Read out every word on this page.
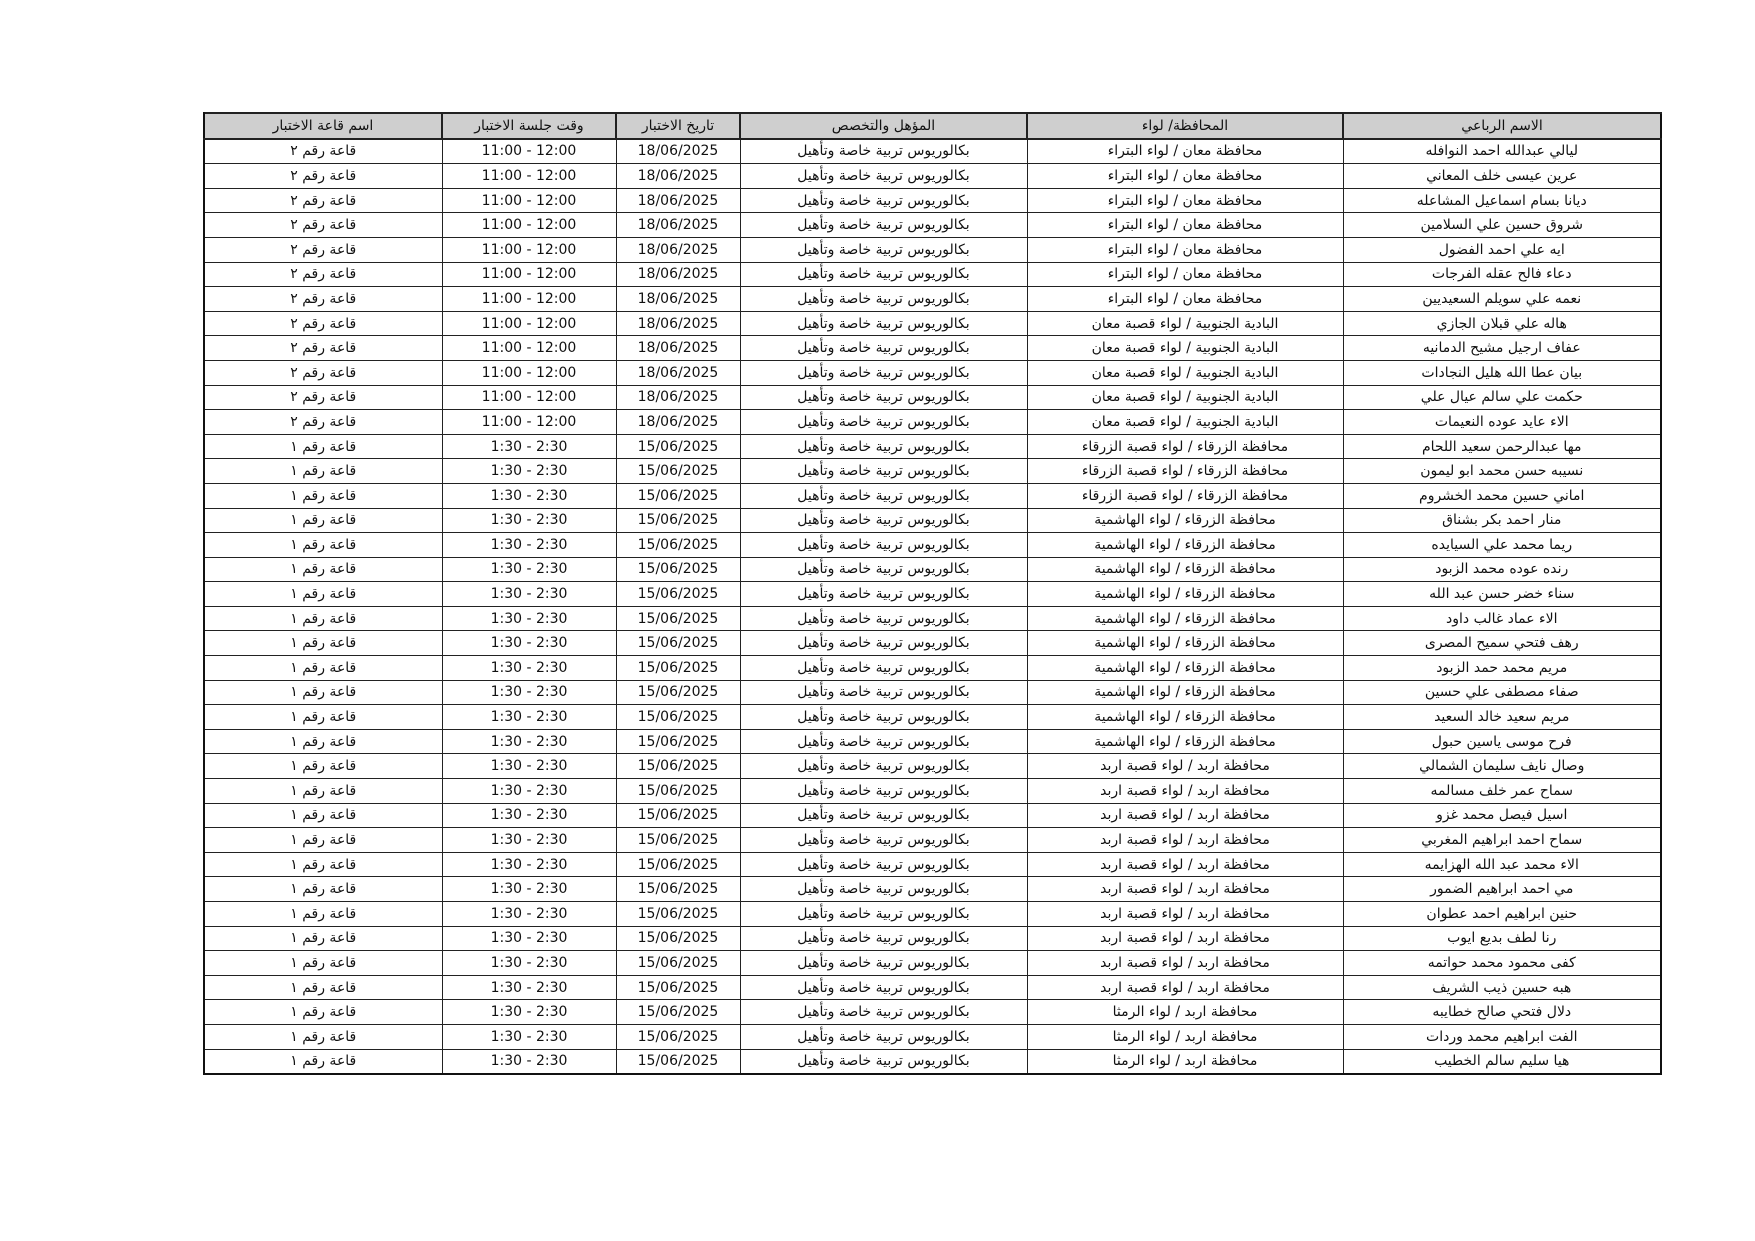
الاسم الرباعي	المحافظة/ لواء	المؤهل والتخصص	تاريخ الاختبار	وقت جلسة الاختبار	اسم قاعة الاختبار
ليالي عبدالله احمد النوافله	محافظة معان / لواء البتراء	بكالوريوس تربية خاصة وتأهيل	18/06/2025	11:00 - 12:00	قاعة رقم ٢
عرين عيسى خلف المعاني	محافظة معان / لواء البتراء	بكالوريوس تربية خاصة وتأهيل	18/06/2025	11:00 - 12:00	قاعة رقم ٢
ديانا بسام اسماعيل المشاعله	محافظة معان / لواء البتراء	بكالوريوس تربية خاصة وتأهيل	18/06/2025	11:00 - 12:00	قاعة رقم ٢
شروق حسين علي السلامين	محافظة معان / لواء البتراء	بكالوريوس تربية خاصة وتأهيل	18/06/2025	11:00 - 12:00	قاعة رقم ٢
ايه علي احمد الفضول	محافظة معان / لواء البتراء	بكالوريوس تربية خاصة وتأهيل	18/06/2025	11:00 - 12:00	قاعة رقم ٢
دعاء فالح عقله الفرجات	محافظة معان / لواء البتراء	بكالوريوس تربية خاصة وتأهيل	18/06/2025	11:00 - 12:00	قاعة رقم ٢
نعمه علي سويلم السعيديين	محافظة معان / لواء البتراء	بكالوريوس تربية خاصة وتأهيل	18/06/2025	11:00 - 12:00	قاعة رقم ٢
هاله علي قبلان الجازي	البادية الجنوبية / لواء قصبة معان	بكالوريوس تربية خاصة وتأهيل	18/06/2025	11:00 - 12:00	قاعة رقم ٢
عفاف ارجيل مشيح الدمانيه	البادية الجنوبية / لواء قصبة معان	بكالوريوس تربية خاصة وتأهيل	18/06/2025	11:00 - 12:00	قاعة رقم ٢
بيان عطا الله هليل النجادات	البادية الجنوبية / لواء قصبة معان	بكالوريوس تربية خاصة وتأهيل	18/06/2025	11:00 - 12:00	قاعة رقم ٢
حكمت علي سالم عيال علي	البادية الجنوبية / لواء قصبة معان	بكالوريوس تربية خاصة وتأهيل	18/06/2025	11:00 - 12:00	قاعة رقم ٢
الاء عايد عوده النعيمات	البادية الجنوبية / لواء قصبة معان	بكالوريوس تربية خاصة وتأهيل	18/06/2025	11:00 - 12:00	قاعة رقم ٢
مها عبدالرحمن سعيد اللحام	محافظة الزرقاء / لواء قصبة الزرقاء	بكالوريوس تربية خاصة وتأهيل	15/06/2025	1:30 - 2:30	قاعة رقم ١
نسيبه حسن محمد ابو ليمون	محافظة الزرقاء / لواء قصبة الزرقاء	بكالوريوس تربية خاصة وتأهيل	15/06/2025	1:30 - 2:30	قاعة رقم ١
اماني حسين محمد الخشروم	محافظة الزرقاء / لواء قصبة الزرقاء	بكالوريوس تربية خاصة وتأهيل	15/06/2025	1:30 - 2:30	قاعة رقم ١
منار احمد بكر بشناق	محافظة الزرقاء / لواء الهاشمية	بكالوريوس تربية خاصة وتأهيل	15/06/2025	1:30 - 2:30	قاعة رقم ١
ريما محمد علي السيايده	محافظة الزرقاء / لواء الهاشمية	بكالوريوس تربية خاصة وتأهيل	15/06/2025	1:30 - 2:30	قاعة رقم ١
رنده عوده محمد الزبود	محافظة الزرقاء / لواء الهاشمية	بكالوريوس تربية خاصة وتأهيل	15/06/2025	1:30 - 2:30	قاعة رقم ١
سناء خضر حسن عبد الله	محافظة الزرقاء / لواء الهاشمية	بكالوريوس تربية خاصة وتأهيل	15/06/2025	1:30 - 2:30	قاعة رقم ١
الاء عماد غالب داود	محافظة الزرقاء / لواء الهاشمية	بكالوريوس تربية خاصة وتأهيل	15/06/2025	1:30 - 2:30	قاعة رقم ١
رهف فتحي سميح المصرى	محافظة الزرقاء / لواء الهاشمية	بكالوريوس تربية خاصة وتأهيل	15/06/2025	1:30 - 2:30	قاعة رقم ١
مريم محمد حمد الزبود	محافظة الزرقاء / لواء الهاشمية	بكالوريوس تربية خاصة وتأهيل	15/06/2025	1:30 - 2:30	قاعة رقم ١
صفاء مصطفى علي حسين	محافظة الزرقاء / لواء الهاشمية	بكالوريوس تربية خاصة وتأهيل	15/06/2025	1:30 - 2:30	قاعة رقم ١
مريم سعيد خالد السعيد	محافظة الزرقاء / لواء الهاشمية	بكالوريوس تربية خاصة وتأهيل	15/06/2025	1:30 - 2:30	قاعة رقم ١
فرح موسى ياسين حبول	محافظة الزرقاء / لواء الهاشمية	بكالوريوس تربية خاصة وتأهيل	15/06/2025	1:30 - 2:30	قاعة رقم ١
وصال نايف سليمان الشمالي	محافظة اربد / لواء قصبة اربد	بكالوريوس تربية خاصة وتأهيل	15/06/2025	1:30 - 2:30	قاعة رقم ١
سماح عمر خلف مسالمه	محافظة اربد / لواء قصبة اربد	بكالوريوس تربية خاصة وتأهيل	15/06/2025	1:30 - 2:30	قاعة رقم ١
اسيل فيصل محمد غزو	محافظة اربد / لواء قصبة اربد	بكالوريوس تربية خاصة وتأهيل	15/06/2025	1:30 - 2:30	قاعة رقم ١
سماح احمد ابراهيم المغربي	محافظة اربد / لواء قصبة اربد	بكالوريوس تربية خاصة وتأهيل	15/06/2025	1:30 - 2:30	قاعة رقم ١
الاء محمد عبد الله الهزايمه	محافظة اربد / لواء قصبة اربد	بكالوريوس تربية خاصة وتأهيل	15/06/2025	1:30 - 2:30	قاعة رقم ١
مي احمد ابراهيم الضمور	محافظة اربد / لواء قصبة اربد	بكالوريوس تربية خاصة وتأهيل	15/06/2025	1:30 - 2:30	قاعة رقم ١
حنين ابراهيم احمد عطوان	محافظة اربد / لواء قصبة اربد	بكالوريوس تربية خاصة وتأهيل	15/06/2025	1:30 - 2:30	قاعة رقم ١
رنا لطف بديع ايوب	محافظة اربد / لواء قصبة اربد	بكالوريوس تربية خاصة وتأهيل	15/06/2025	1:30 - 2:30	قاعة رقم ١
كفى محمود محمد حواتمه	محافظة اربد / لواء قصبة اربد	بكالوريوس تربية خاصة وتأهيل	15/06/2025	1:30 - 2:30	قاعة رقم ١
هبه حسين ذيب الشريف	محافظة اربد / لواء قصبة اربد	بكالوريوس تربية خاصة وتأهيل	15/06/2025	1:30 - 2:30	قاعة رقم ١
دلال فتحي صالح خطايبه	محافظة اربد / لواء الرمثا	بكالوريوس تربية خاصة وتأهيل	15/06/2025	1:30 - 2:30	قاعة رقم ١
الفت ابراهيم محمد وردات	محافظة اربد / لواء الرمثا	بكالوريوس تربية خاصة وتأهيل	15/06/2025	1:30 - 2:30	قاعة رقم ١
هيا سليم سالم الخطيب	محافظة اربد / لواء الرمثا	بكالوريوس تربية خاصة وتأهيل	15/06/2025	1:30 - 2:30	قاعة رقم ١
